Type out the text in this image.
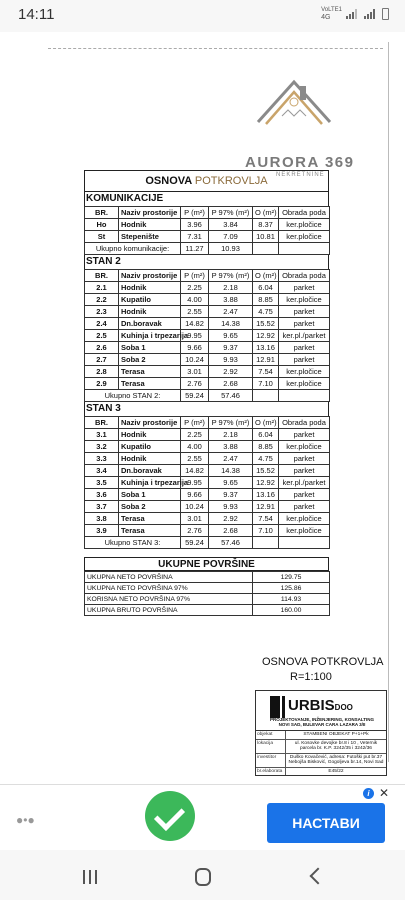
14:11	VoLTE1
4G
AURORA 369
NEKRETNINE
OSNOVA POTKROVLJA
KOMUNIKACIJE
BR.	Naziv prostorije	P (m²)	P 97% (m²)	O (m²)	Obrada poda
Ho	Hodnik	3.96	3.84	8.37	ker.pločice
St	Stepenište	7.31	7.09	10.81	ker.pločice
Ukupno komunikacije:		11.27	10.93		
STAN 2
BR.	Naziv prostorije	P (m²)	P 97% (m²)	O (m²)	Obrada poda
2.1	Hodnik	2.25	2.18	6.04	parket
2.2	Kupatilo	4.00	3.88	8.85	ker.pločice
2.3	Hodnik	2.55	2.47	4.75	parket
2.4	Dn.boravak	14.82	14.38	15.52	parket
2.5	Kuhinja i trpezarija	9.95	9.65	12.92	ker.pl./parket
2.6	Soba 1	9.66	9.37	13.16	parket
2.7	Soba 2	10.24	9.93	12.91	parket
2.8	Terasa	3.01	2.92	7.54	ker.pločice
2.9	Terasa	2.76	2.68	7.10	ker.pločice
Ukupno STAN 2:		59.24	57.46		
STAN 3
BR.	Naziv prostorije	P (m²)	P 97% (m²)	O (m²)	Obrada poda
3.1	Hodnik	2.25	2.18	6.04	parket
3.2	Kupatilo	4.00	3.88	8.85	ker.pločice
3.3	Hodnik	2.55	2.47	4.75	parket
3.4	Dn.boravak	14.82	14.38	15.52	parket
3.5	Kuhinja i trpezarija	9.95	9.65	12.92	ker.pl./parket
3.6	Soba 1	9.66	9.37	13.16	parket
3.7	Soba 2	10.24	9.93	12.91	parket
3.8	Terasa	3.01	2.92	7.54	ker.pločice
3.9	Terasa	2.76	2.68	7.10	ker.pločice
Ukupno STAN 3:		59.24	57.46		
UKUPNE POVRŠINE
UKUPNA NETO POVRŠINA	129.75
UKUPNA NETO POVRŠINA 97%	125.86
KORISNA NETO POVRŠINA 97%	114.93
UKUPNA BRUTO POVRŠINA	160.00
OSNOVA POTKROVLJA
R=1:100
URBISDOO
PROJEKTOVANJE, INŽENJERING, KONSALTING
NOVI SAD, BULEVAR CARA LAZARA 3/II
objekat	STAMBENI OBJEKAT P+1+Pk
lokacija	ul. Kosovke devojke br.8 i 10 , Veternik parcela br. K.P. 3242/35 i 3242/36
investitor	Duško Kovačević, adresa: Futoški put br.37 Nebojša Bisković, Gogoljeva br.14, Novi Sad
br.elaborata	E45/22
●•●
i ✕
НАСТАВИ
